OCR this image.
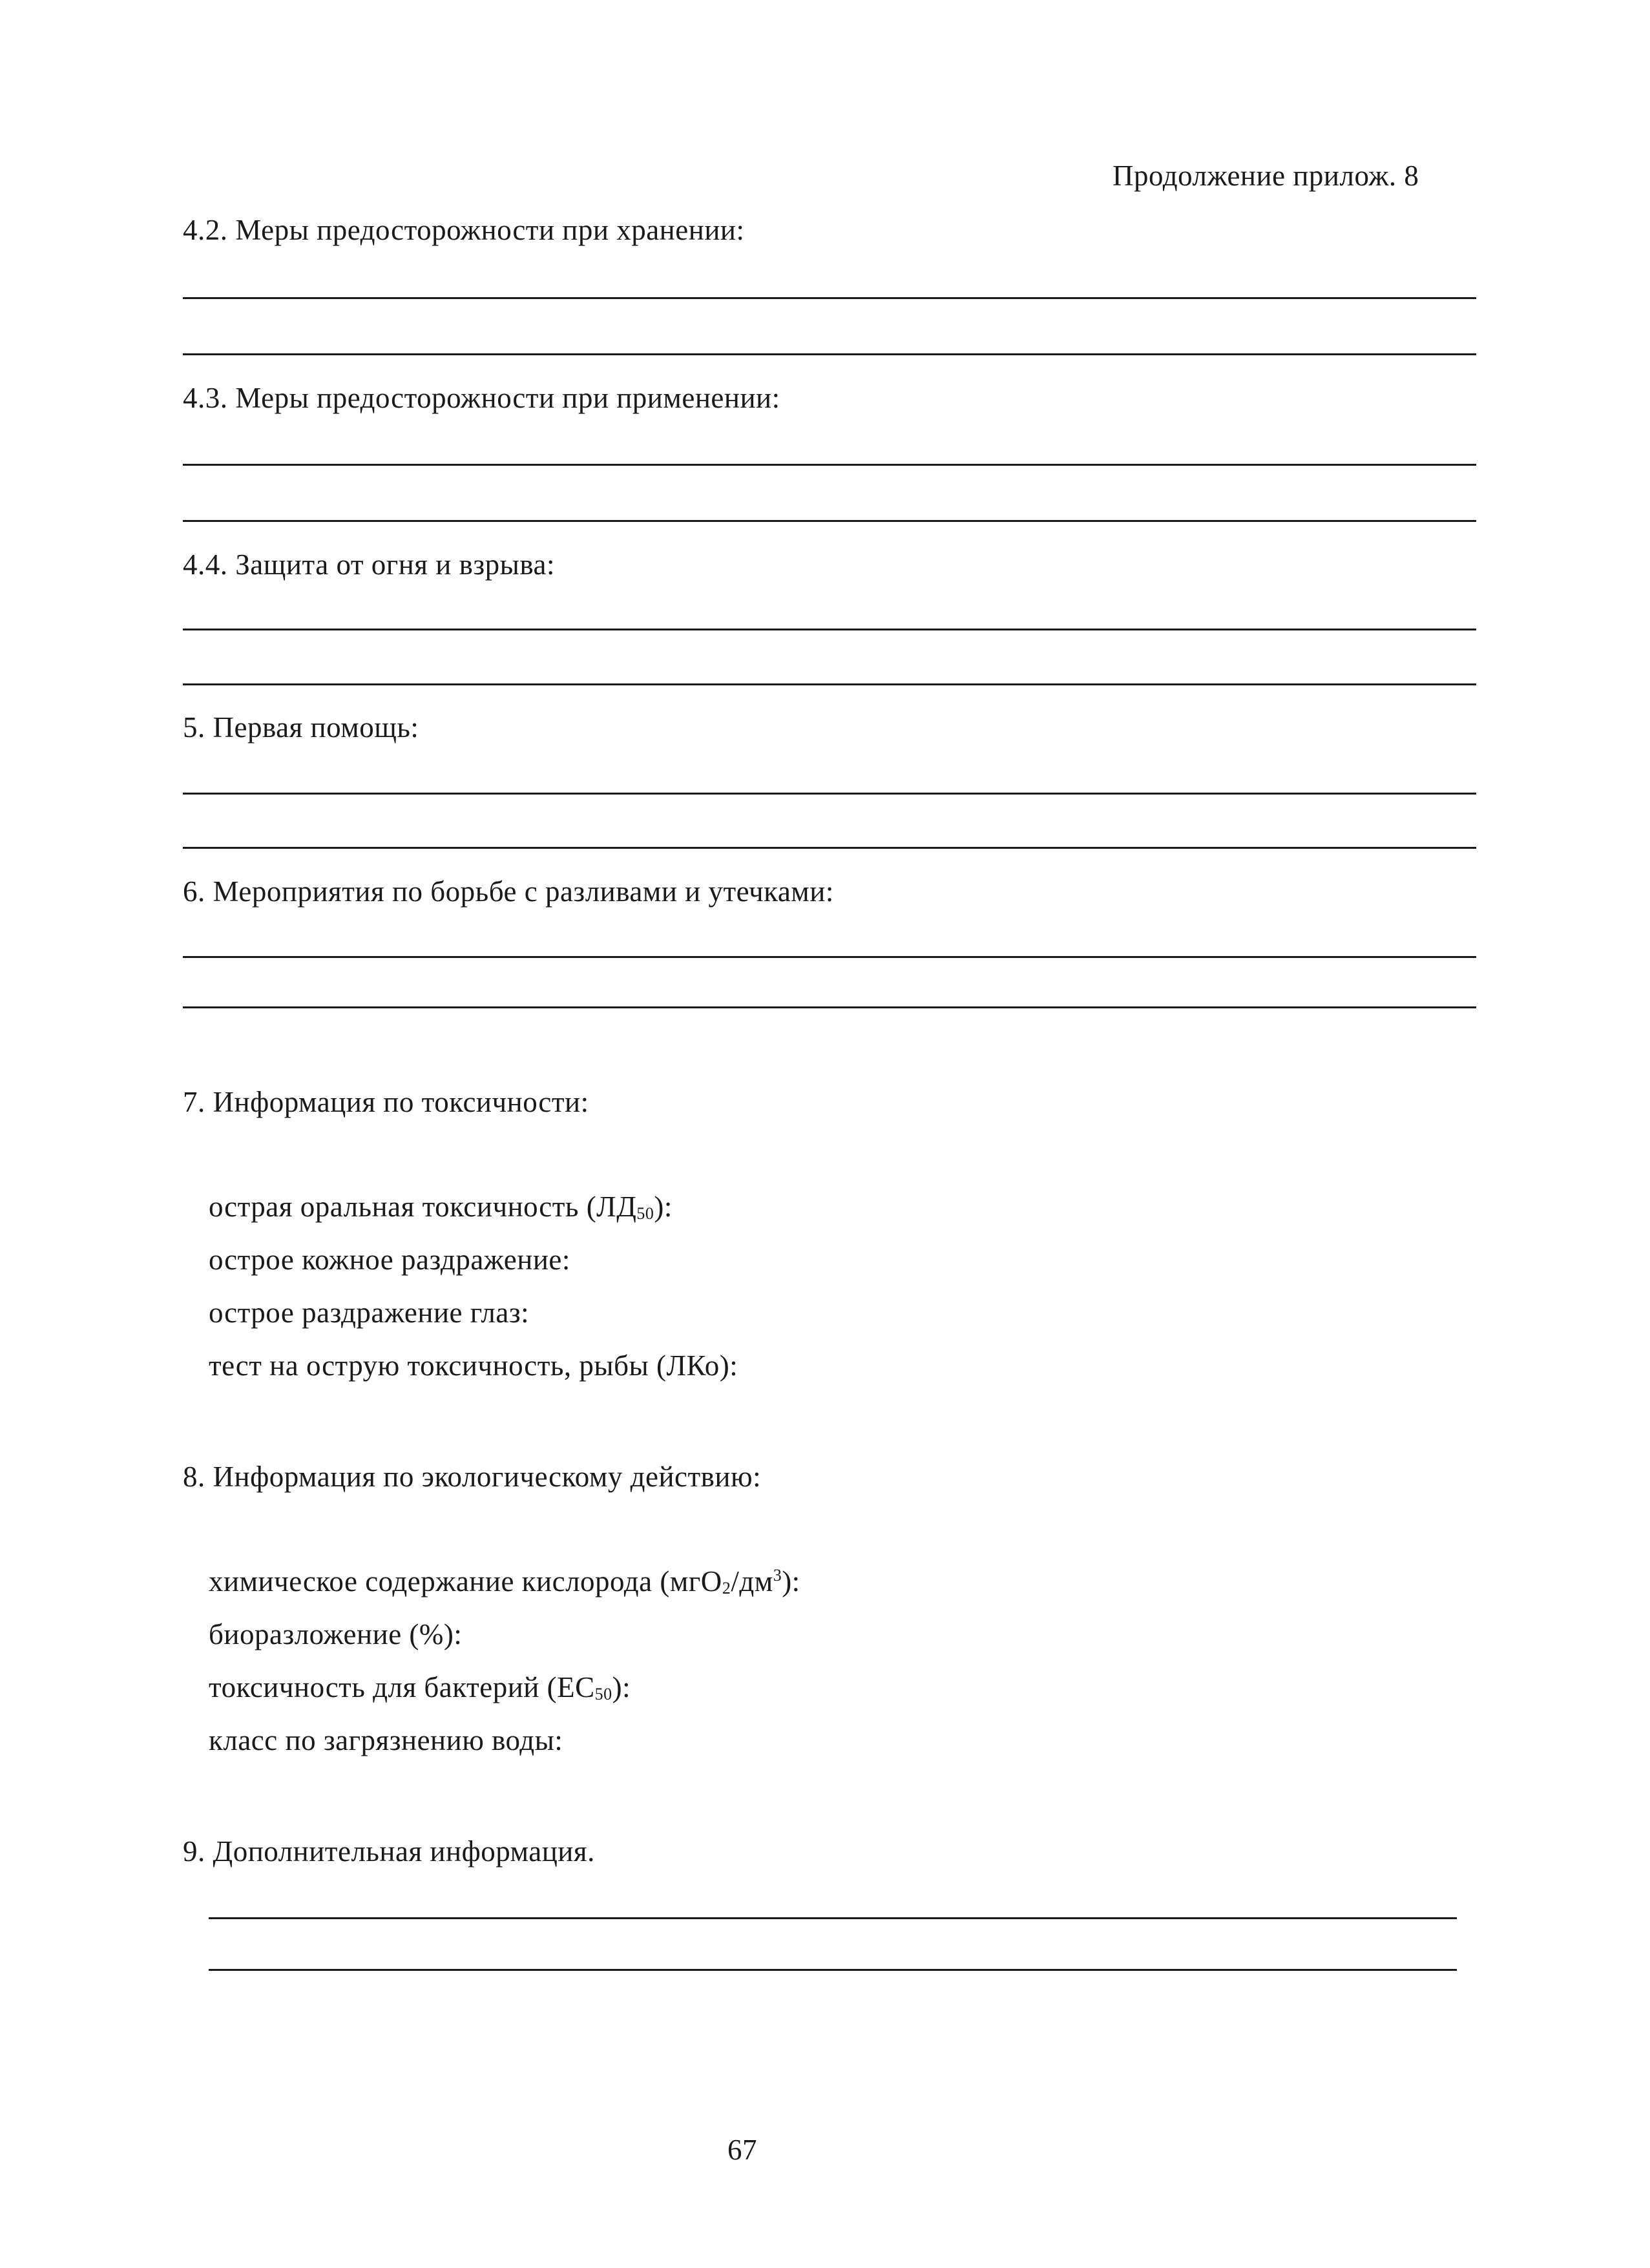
Продолжение прилож. 8
4.2. Меры предосторожности при хранении:
4.3. Меры предосторожности при применении:
4.4. Защита от огня и взрыва:
5. Первая помощь:
6. Мероприятия по борьбе с разливами и утечками:
7. Информация по токсичности:
острая оральная токсичность $(ЛД_{50})$:
острое кожное раздражение:
острое раздражение глаз:
тест на острую токсичность, рыбы (ЛКо):
8. Информация по экологическому действию:
химическое содержание кислорода $(мгО_2/дм^3)$:
биоразложение (%):
токсичность для бактерий $(ЕС_{50})$:
класс по загрязнению воды:
9. Дополнительная информация.
67
